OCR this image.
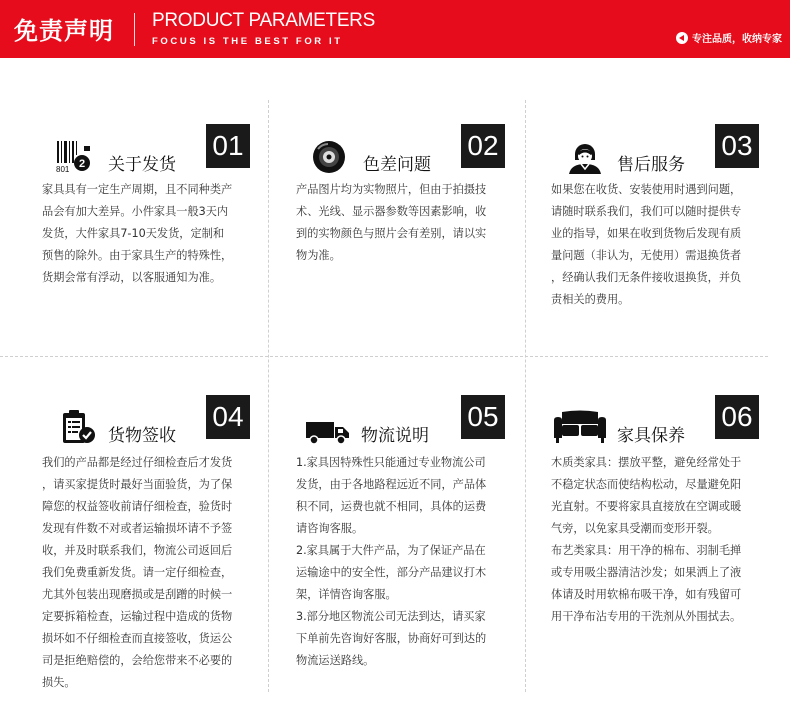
免责声明 PRODUCT PARAMETERS
FOCUS IS THE BEST FOR IT	专注品质，收纳专家
01
801 2 关于发货

家具具有一定生产周期，且不同种类产

品会有加大差异。小件家具一般3天内

发货，大件家具7-10天发货，定制和

预售的除外。由于家具生产的特殊性，

货期会常有浮动，以客服通知为准。

02
色差问题

产品图片均为实物照片，但由于拍摄技

术、光线、显示器参数等因素影响，收

到的实物颜色与照片会有差别，请以实

物为准。

03
售后服务

如果您在收货、安装使用时遇到问题，

请随时联系我们，我们可以随时提供专

业的指导，如果在收到货物后发现有质

量问题（非认为，无使用）需退换货者

，经确认我们无条件接收退换货，并负

责相关的费用。

04
货物签收

我们的产品都是经过仔细检查后才发货

，请买家提货时最好当面验货，为了保

障您的权益签收前请仔细检查，验货时

发现有件数不对或者运输损坏请不予签

收，并及时联系我们，物流公司返回后

我们免费重新发货。请一定仔细检查，

尤其外包装出现磨损或是刮蹭的时候一

定要拆箱检查，运输过程中造成的货物

损坏如不仔细检查而直接签收，货运公

司是拒绝赔偿的，会给您带来不必要的

损失。

05
物流说明

1.家具因特殊性只能通过专业物流公司

发货，由于各地路程远近不同，产品体

积不同，运费也就不相同，具体的运费

请咨询客服。

2.家具属于大件产品，为了保证产品在

运输途中的安全性，部分产品建议打木

架，详情咨询客服。

3.部分地区物流公司无法到达，请买家

下单前先咨询好客服，协商好可到达的

物流运送路线。

06
家具保养

木质类家具：摆放平整，避免经常处于

不稳定状态而使结构松动，尽量避免阳

光直射。不要将家具直接放在空调或暖

气旁，以免家具受潮而变形开裂。

布艺类家具：用干净的棉布、羽制毛掸

或专用吸尘器清洁沙发；如果洒上了液

体请及时用软棉布吸干净，如有残留可

用干净布沾专用的干洗剂从外围拭去。
